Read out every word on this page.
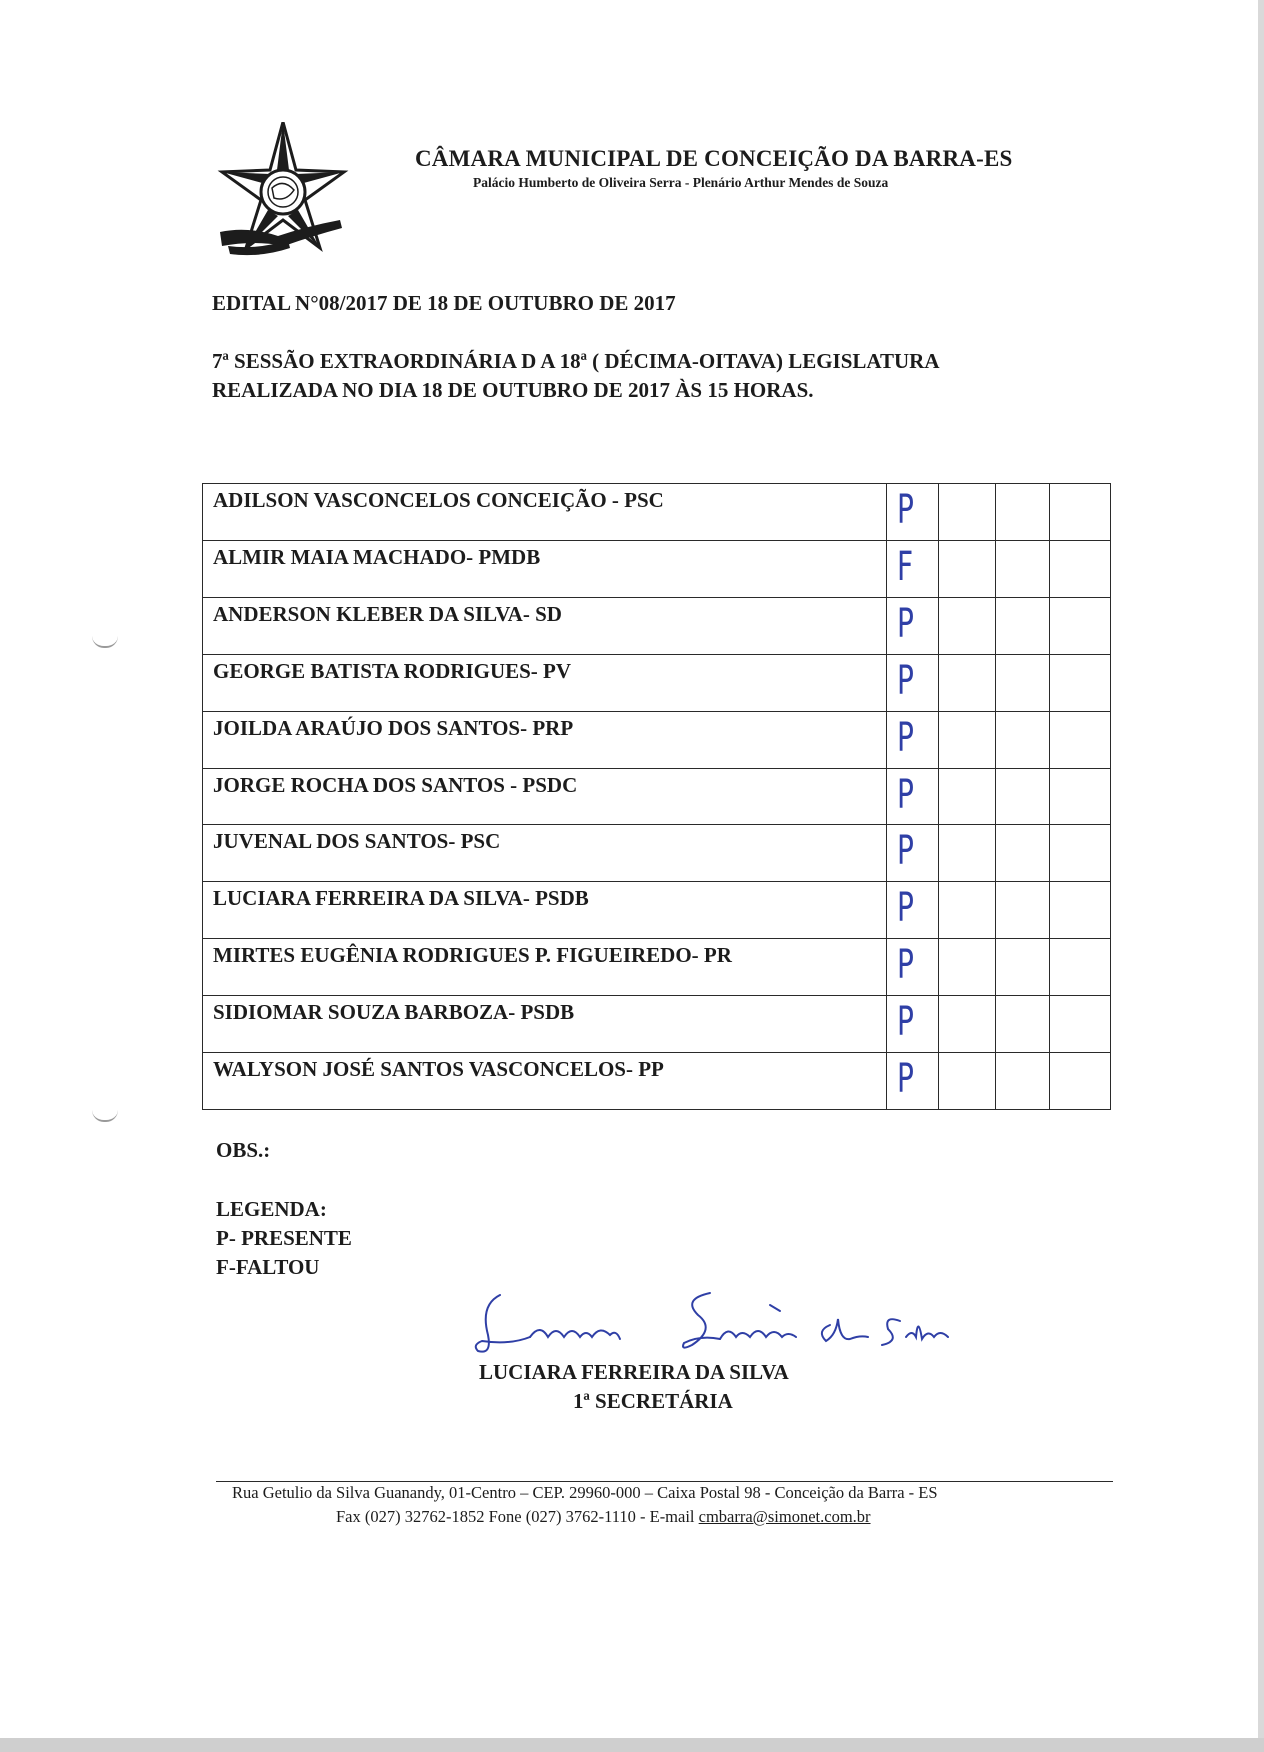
CÂMARA MUNICIPAL DE CONCEIÇÃO DA BARRA-ES
Palácio Humberto de Oliveira Serra - Plenário Arthur Mendes de Souza
EDITAL N°08/2017 DE 18 DE OUTUBRO DE 2017
7ª SESSÃO EXTRAORDINÁRIA D A 18ª ( DÉCIMA-OITAVA) LEGISLATURA
REALIZADA NO DIA 18 DE OUTUBRO DE 2017 ÀS 15 HORAS.
ADILSON VASCONCELOS CONCEIÇÃO - PSC	P			

ALMIR MAIA MACHADO- PMDB	F			

ANDERSON KLEBER DA SILVA- SD	P			

GEORGE BATISTA RODRIGUES- PV	P			

JOILDA ARAÚJO DOS SANTOS- PRP	P			

JORGE ROCHA DOS SANTOS - PSDC	P			

JUVENAL DOS SANTOS- PSC	P			

LUCIARA FERREIRA DA SILVA- PSDB	P			

MIRTES EUGÊNIA RODRIGUES P. FIGUEIREDO- PR	P			

SIDIOMAR SOUZA BARBOZA- PSDB	P			

WALYSON JOSÉ SANTOS VASCONCELOS- PP	P			

OBS.:
LEGENDA:
P- PRESENTE
F-FALTOU
LUCIARA FERREIRA DA SILVA
1ª SECRETÁRIA
Rua Getulio da Silva Guanandy, 01-Centro – CEP. 29960-000 – Caixa Postal 98 - Conceição da Barra - ES
Fax (027) 32762-1852 Fone (027) 3762-1110 - E-mail cmbarra@simonet.com.br
